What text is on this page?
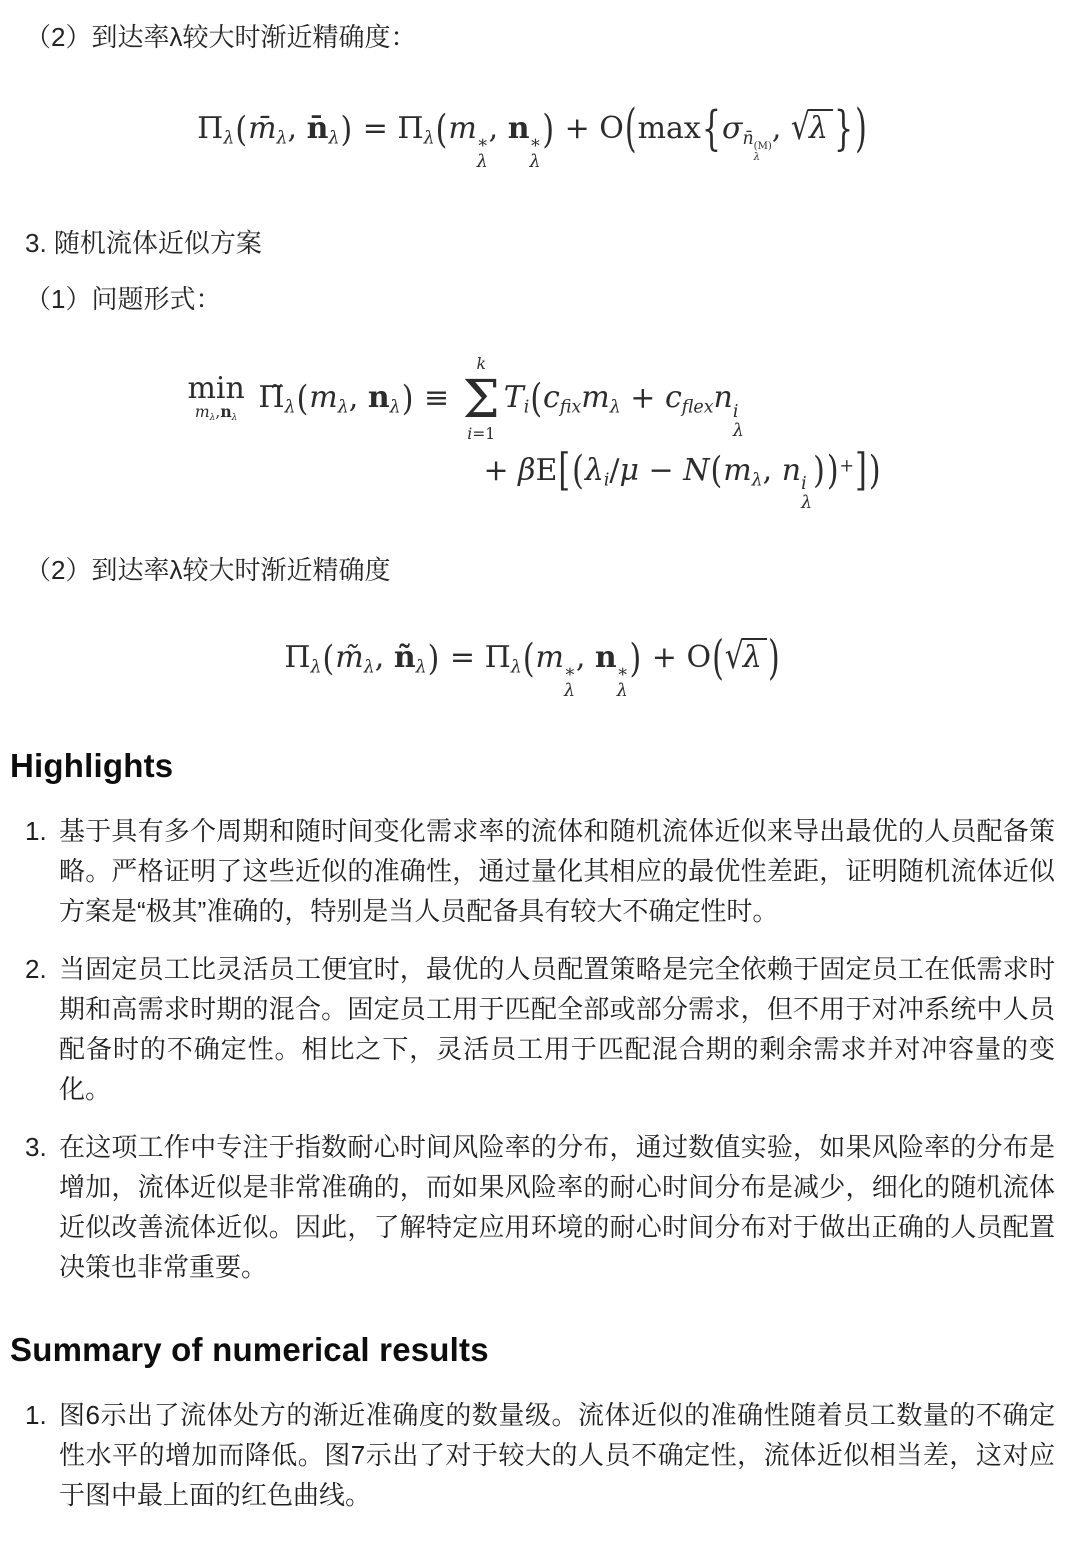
（2）到达率λ较大时渐近精确度：

Πλ(m̄λ, n̄λ) = Πλ(m ∗
λ
, n ∗
λ
) + O(max{σn̄ (M)
λ
, √ λ })

3. 随机流体近似方案

（1）问题形式：

min
mλ,nλ
Π̃λ(mλ, nλ) ≡
k
Σ
i=1
Ti(cfixmλ + cflexn i
λ
+ βE[(λi/μ − N(mλ, n i
λ
))+])

（2）到达率λ较大时渐近精确度

Πλ(m̃λ, ñλ) = Πλ(m ∗
λ
, n ∗
λ
) + O( √ λ )
Highlights
1. 基于具有多个周期和随时间变化需求率的流体和随机流体近似来导出最优的人员配备策略。严格证明了这些近似的准确性，通过量化其相应的最优性差距，证明随机流体近似方案是“极其”准确的，特别是当人员配备具有较大不确定性时。
2. 当固定员工比灵活员工便宜时，最优的人员配置策略是完全依赖于固定员工在低需求时期和高需求时期的混合。固定员工用于匹配全部或部分需求，但不用于对冲系统中人员配备时的不确定性。相比之下，灵活员工用于匹配混合期的剩余需求并对冲容量的变化。
3. 在这项工作中专注于指数耐心时间风险率的分布，通过数值实验，如果风险率的分布是增加，流体近似是非常准确的，而如果风险率的耐心时间分布是减少，细化的随机流体近似改善流体近似。因此，了解特定应用环境的耐心时间分布对于做出正确的人员配置决策也非常重要。
Summary of numerical results
1. 图6示出了流体处方的渐近准确度的数量级。流体近似的准确性随着员工数量的不确定性水平的增加而降低。图7示出了对于较大的人员不确定性，流体近似相当差，这对应于图中最上面的红色曲线。
